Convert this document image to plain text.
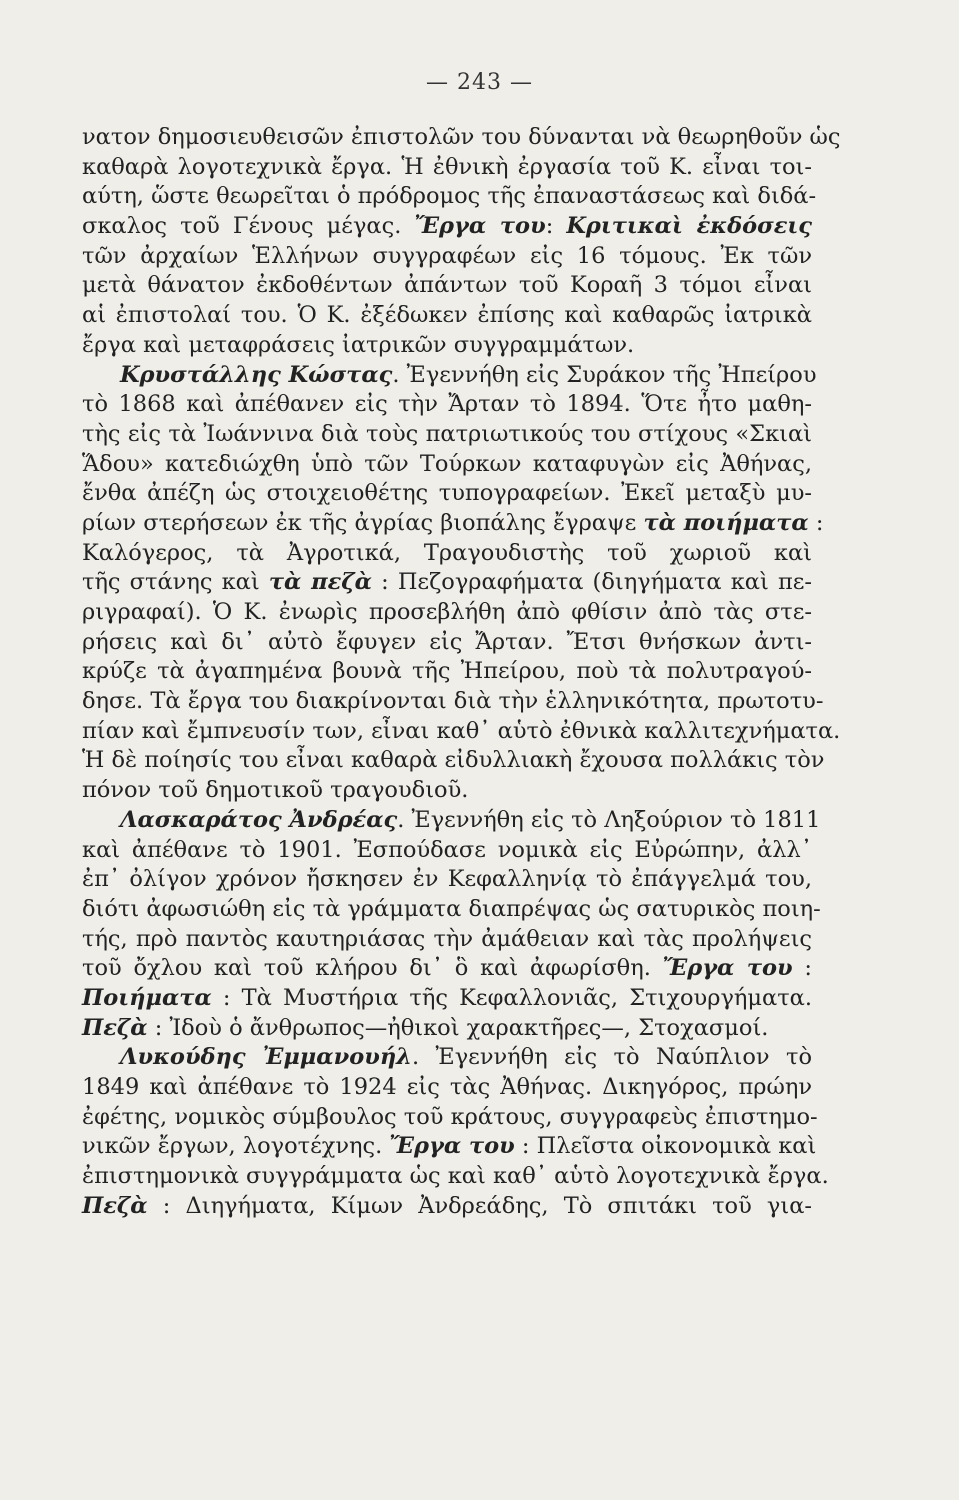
— 243 —
νατον δημοσιευθεισῶν ἐπιστολῶν του δύνανται νὰ θεωρηθοῦν ὡς
καθαρὰ λογοτεχνικὰ ἔργα. Ἡ ἐθνικὴ ἐργασία τοῦ Κ. εἶναι τοι-
αύτη, ὥστε θεωρεῖται ὁ πρόδρομος τῆς ἐπαναστάσεως καὶ διδά-
σκαλος τοῦ Γένους μέγας. Ἔργα του: Κριτικαὶ ἐκδόσεις
τῶν ἀρχαίων Ἑλλήνων συγγραφέων εἰς 16 τόμους. Ἐκ τῶν
μετὰ θάνατον ἐκδοθέντων ἀπάντων τοῦ Κοραῆ 3 τόμοι εἶναι
αἱ ἐπιστολαί του. Ὁ Κ. ἐξέδωκεν ἐπίσης καὶ καθαρῶς ἰατρικὰ
ἔργα καὶ μεταφράσεις ἰατρικῶν συγγραμμάτων.
Κρυστάλλης Κώστας. Ἐγεννήθη εἰς Συράκον τῆς Ἠπείρου
τὸ 1868 καὶ ἀπέθανεν εἰς τὴν Ἄρταν τὸ 1894. Ὅτε ἦτο μαθη-
τὴς εἰς τὰ Ἰωάννινα διὰ τοὺς πατριωτικούς του στίχους «Σκιαὶ
Ἅδου» κατεδιώχθη ὑπὸ τῶν Τούρκων καταφυγὼν εἰς Ἀθήνας,
ἔνθα ἀπέζη ὡς στοιχειοθέτης τυπογραφείων. Ἐκεῖ μεταξὺ μυ-
ρίων στερήσεων ἐκ τῆς ἀγρίας βιοπάλης ἔγραψε τὰ ποιήματα :
Καλόγερος, τὰ Ἀγροτικά, Τραγουδιστὴς τοῦ χωριοῦ καὶ
τῆς στάνης καὶ τὰ πεζὰ : Πεζογραφήματα (διηγήματα καὶ πε-
ριγραφαί). Ὁ Κ. ἐνωρὶς προσεβλήθη ἀπὸ φθίσιν ἀπὸ τὰς στε-
ρήσεις καὶ δι᾿ αὐτὸ ἔφυγεν εἰς Ἄρταν. Ἔτσι θνήσκων ἀντι-
κρύζε τὰ ἀγαπημένα βουνὰ τῆς Ἠπείρου, ποὺ τὰ πολυτραγού-
δησε. Τὰ ἔργα του διακρίνονται διὰ τὴν ἑλληνικότητα, πρωτοτυ-
πίαν καὶ ἔμπνευσίν των, εἶναι καθ᾿ αὑτὸ ἐθνικὰ καλλιτεχνήματα.
Ἡ δὲ ποίησίς του εἶναι καθαρὰ εἰδυλλιακὴ ἔχουσα πολλάκις τὸν
πόνον τοῦ δημοτικοῦ τραγουδιοῦ.
Λασκαράτος Ἀνδρέας. Ἐγεννήθη εἰς τὸ Ληξούριον τὸ 1811
καὶ ἀπέθανε τὸ 1901. Ἐσπούδασε νομικὰ εἰς Εὐρώπην, ἀλλ᾿
ἐπ᾿ ὀλίγον χρόνον ἤσκησεν ἐν Κεφαλληνίᾳ τὸ ἐπάγγελμά του,
διότι ἀφωσιώθη εἰς τὰ γράμματα διαπρέψας ὡς σατυρικὸς ποιη-
τής, πρὸ παντὸς καυτηριάσας τὴν ἀμάθειαν καὶ τὰς προλήψεις
τοῦ ὄχλου καὶ τοῦ κλήρου δι᾿ ὃ καὶ ἀφωρίσθη. Ἔργα του :
Ποιήματα : Τὰ Μυστήρια τῆς Κεφαλλονιᾶς, Στιχουργήματα.
Πεζὰ : Ἰδοὺ ὁ ἄνθρωπος—ἠθικοὶ χαρακτῆρες—, Στοχασμοί.
Λυκούδης Ἐμμανουήλ. Ἐγεννήθη εἰς τὸ Ναύπλιον τὸ
1849 καὶ ἀπέθανε τὸ 1924 εἰς τὰς Ἀθήνας. Δικηγόρος, πρώην
ἐφέτης, νομικὸς σύμβουλος τοῦ κράτους, συγγραφεὺς ἐπιστημο-
νικῶν ἔργων, λογοτέχνης. Ἔργα του : Πλεῖστα οἰκονομικὰ καὶ
ἐπιστημονικὰ συγγράμματα ὡς καὶ καθ᾿ αὑτὸ λογοτεχνικὰ ἔργα.
Πεζὰ : Διηγήματα, Κίμων Ἀνδρεάδης, Τὸ σπιτάκι τοῦ για-
